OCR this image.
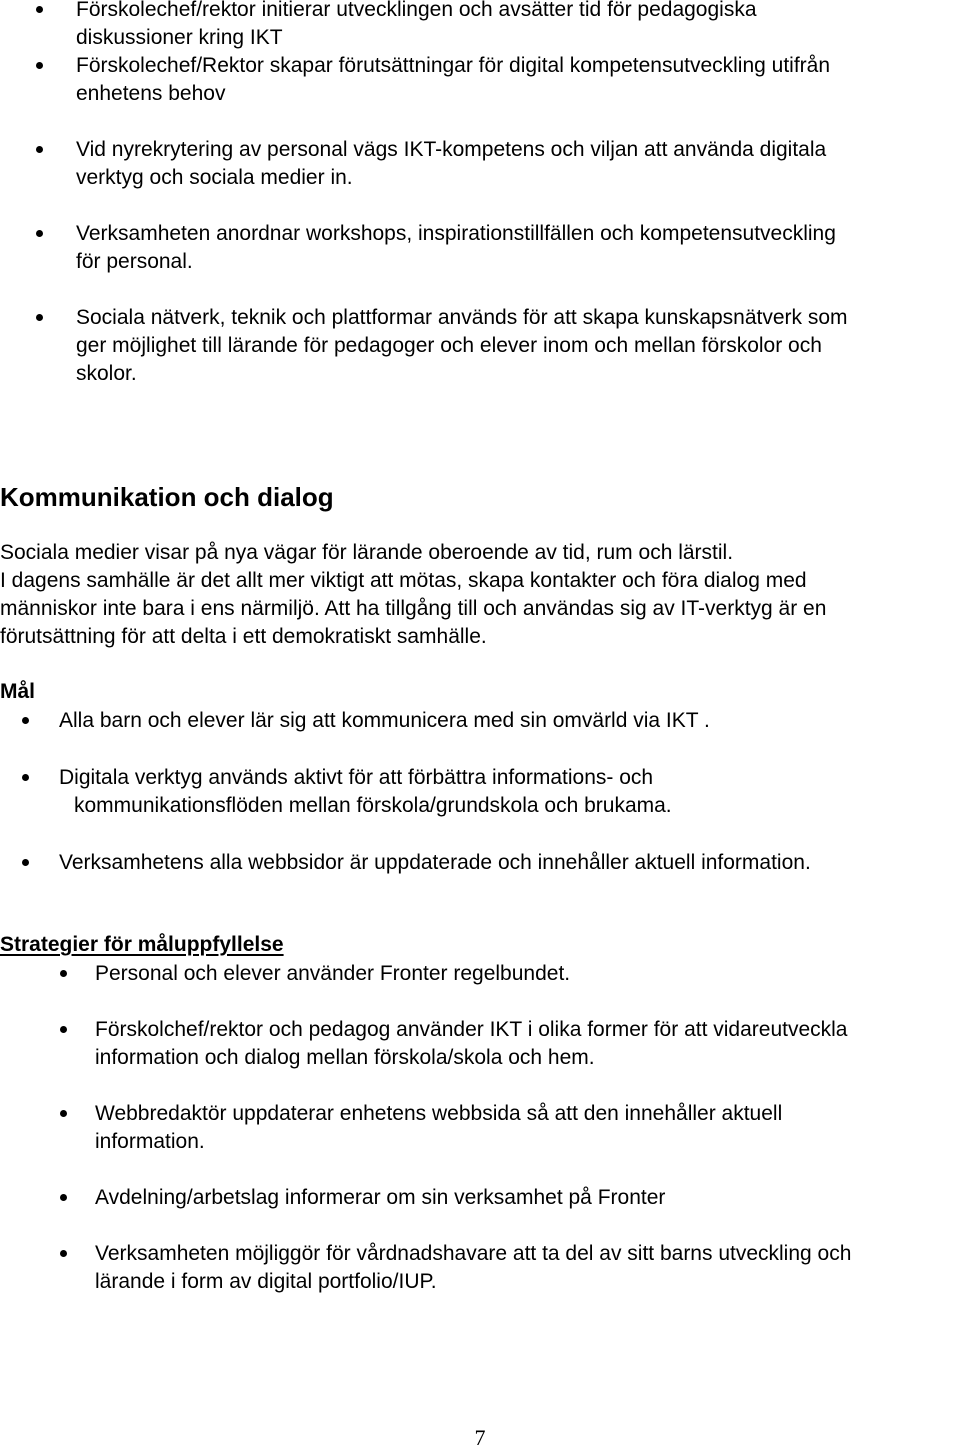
Förskolechef/rektor initierar utvecklingen och avsätter tid för pedagogiska
diskussioner kring IKT
Förskolechef/Rektor skapar förutsättningar för digital kompetensutveckling utifrån
enhetens behov
Vid nyrekrytering av personal vägs IKT-kompetens och viljan att använda digitala
verktyg och sociala medier in.
Verksamheten anordnar workshops, inspirationstillfällen och kompetensutveckling
för personal.
Sociala nätverk, teknik och plattformar används för att skapa kunskapsnätverk som
ger möjlighet till lärande för pedagoger och elever inom och mellan förskolor och
skolor.
Kommunikation och dialog

Sociala medier visar på nya vägar för lärande oberoende av tid, rum och lärstil.
I dagens samhälle är det allt mer viktigt att mötas, skapa kontakter och föra dialog med
människor inte bara i ens närmiljö. Att ha tillgång till och användas sig av IT-verktyg är en
förutsättning för att delta i ett demokratiskt samhälle.

Mål
Alla barn och elever lär sig att kommunicera med sin omvärld via IKT .
Digitala verktyg används aktivt för att förbättra informations- och
kommunikationsflöden mellan förskola/grundskola och brukama.
Verksamhetens alla webbsidor är uppdaterade och innehåller aktuell information.
Strategier för måluppfyllelse
Personal och elever använder Fronter regelbundet.
Förskolchef/rektor och pedagog använder IKT i olika former för att vidareutveckla
information och dialog mellan förskola/skola och hem.
Webbredaktör uppdaterar enhetens webbsida så att den innehåller aktuell
information.
Avdelning/arbetslag informerar om sin verksamhet på Fronter
Verksamheten möjliggör för vårdnadshavare att ta del av sitt barns utveckling och
lärande i form av digital portfolio/IUP.
7
